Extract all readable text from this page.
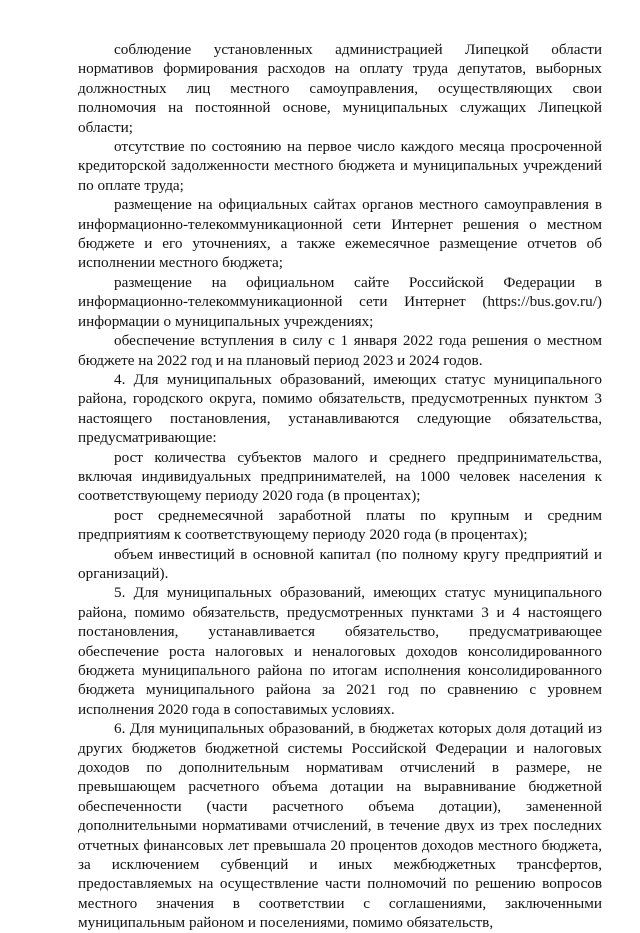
соблюдение установленных администрацией Липецкой области нормативов формирования расходов на оплату труда депутатов, выборных должностных лиц местного самоуправления, осуществляющих свои полномочия на постоянной основе, муниципальных служащих Липецкой области;

отсутствие по состоянию на первое число каждого месяца просроченной кредиторской задолженности местного бюджета и муниципальных учреждений по оплате труда;

размещение на официальных сайтах органов местного самоуправления в информационно-телекоммуникационной сети Интернет решения о местном бюджете и его уточнениях, а также ежемесячное размещение отчетов об исполнении местного бюджета;

размещение на официальном сайте Российской Федерации в информационно-телекоммуникационной сети Интернет (https://bus.gov.ru/) информации о муниципальных учреждениях;

обеспечение вступления в силу с 1 января 2022 года решения о местном бюджете на 2022 год и на плановый период 2023 и 2024 годов.

4. Для муниципальных образований, имеющих статус муниципального района, городского округа, помимо обязательств, предусмотренных пунктом 3 настоящего постановления, устанавливаются следующие обязательства, предусматривающие:

рост количества субъектов малого и среднего предпринимательства, включая индивидуальных предпринимателей, на 1000 человек населения к соответствующему периоду 2020 года (в процентах);

рост среднемесячной заработной платы по крупным и средним предприятиям к соответствующему периоду 2020 года (в процентах);

объем инвестиций в основной капитал (по полному кругу предприятий и организаций).

5. Для муниципальных образований, имеющих статус муниципального района, помимо обязательств, предусмотренных пунктами 3 и 4 настоящего постановления, устанавливается обязательство, предусматривающее обеспечение роста налоговых и неналоговых доходов консолидированного бюджета муниципального района по итогам исполнения консолидированного бюджета муниципального района за 2021 год по сравнению с уровнем исполнения 2020 года в сопоставимых условиях.

6. Для муниципальных образований, в бюджетах которых доля дотаций из других бюджетов бюджетной системы Российской Федерации и налоговых доходов по дополнительным нормативам отчислений в размере, не превышающем расчетного объема дотации на выравнивание бюджетной обеспеченности (части расчетного объема дотации), замененной дополнительными нормативами отчислений, в течение двух из трех последних отчетных финансовых лет превышала 20 процентов доходов местного бюджета, за исключением субвенций и иных межбюджетных трансфертов, предоставляемых на осуществление части полномочий по решению вопросов местного значения в соответствии с соглашениями, заключенными муниципальным районом и поселениями, помимо обязательств,
